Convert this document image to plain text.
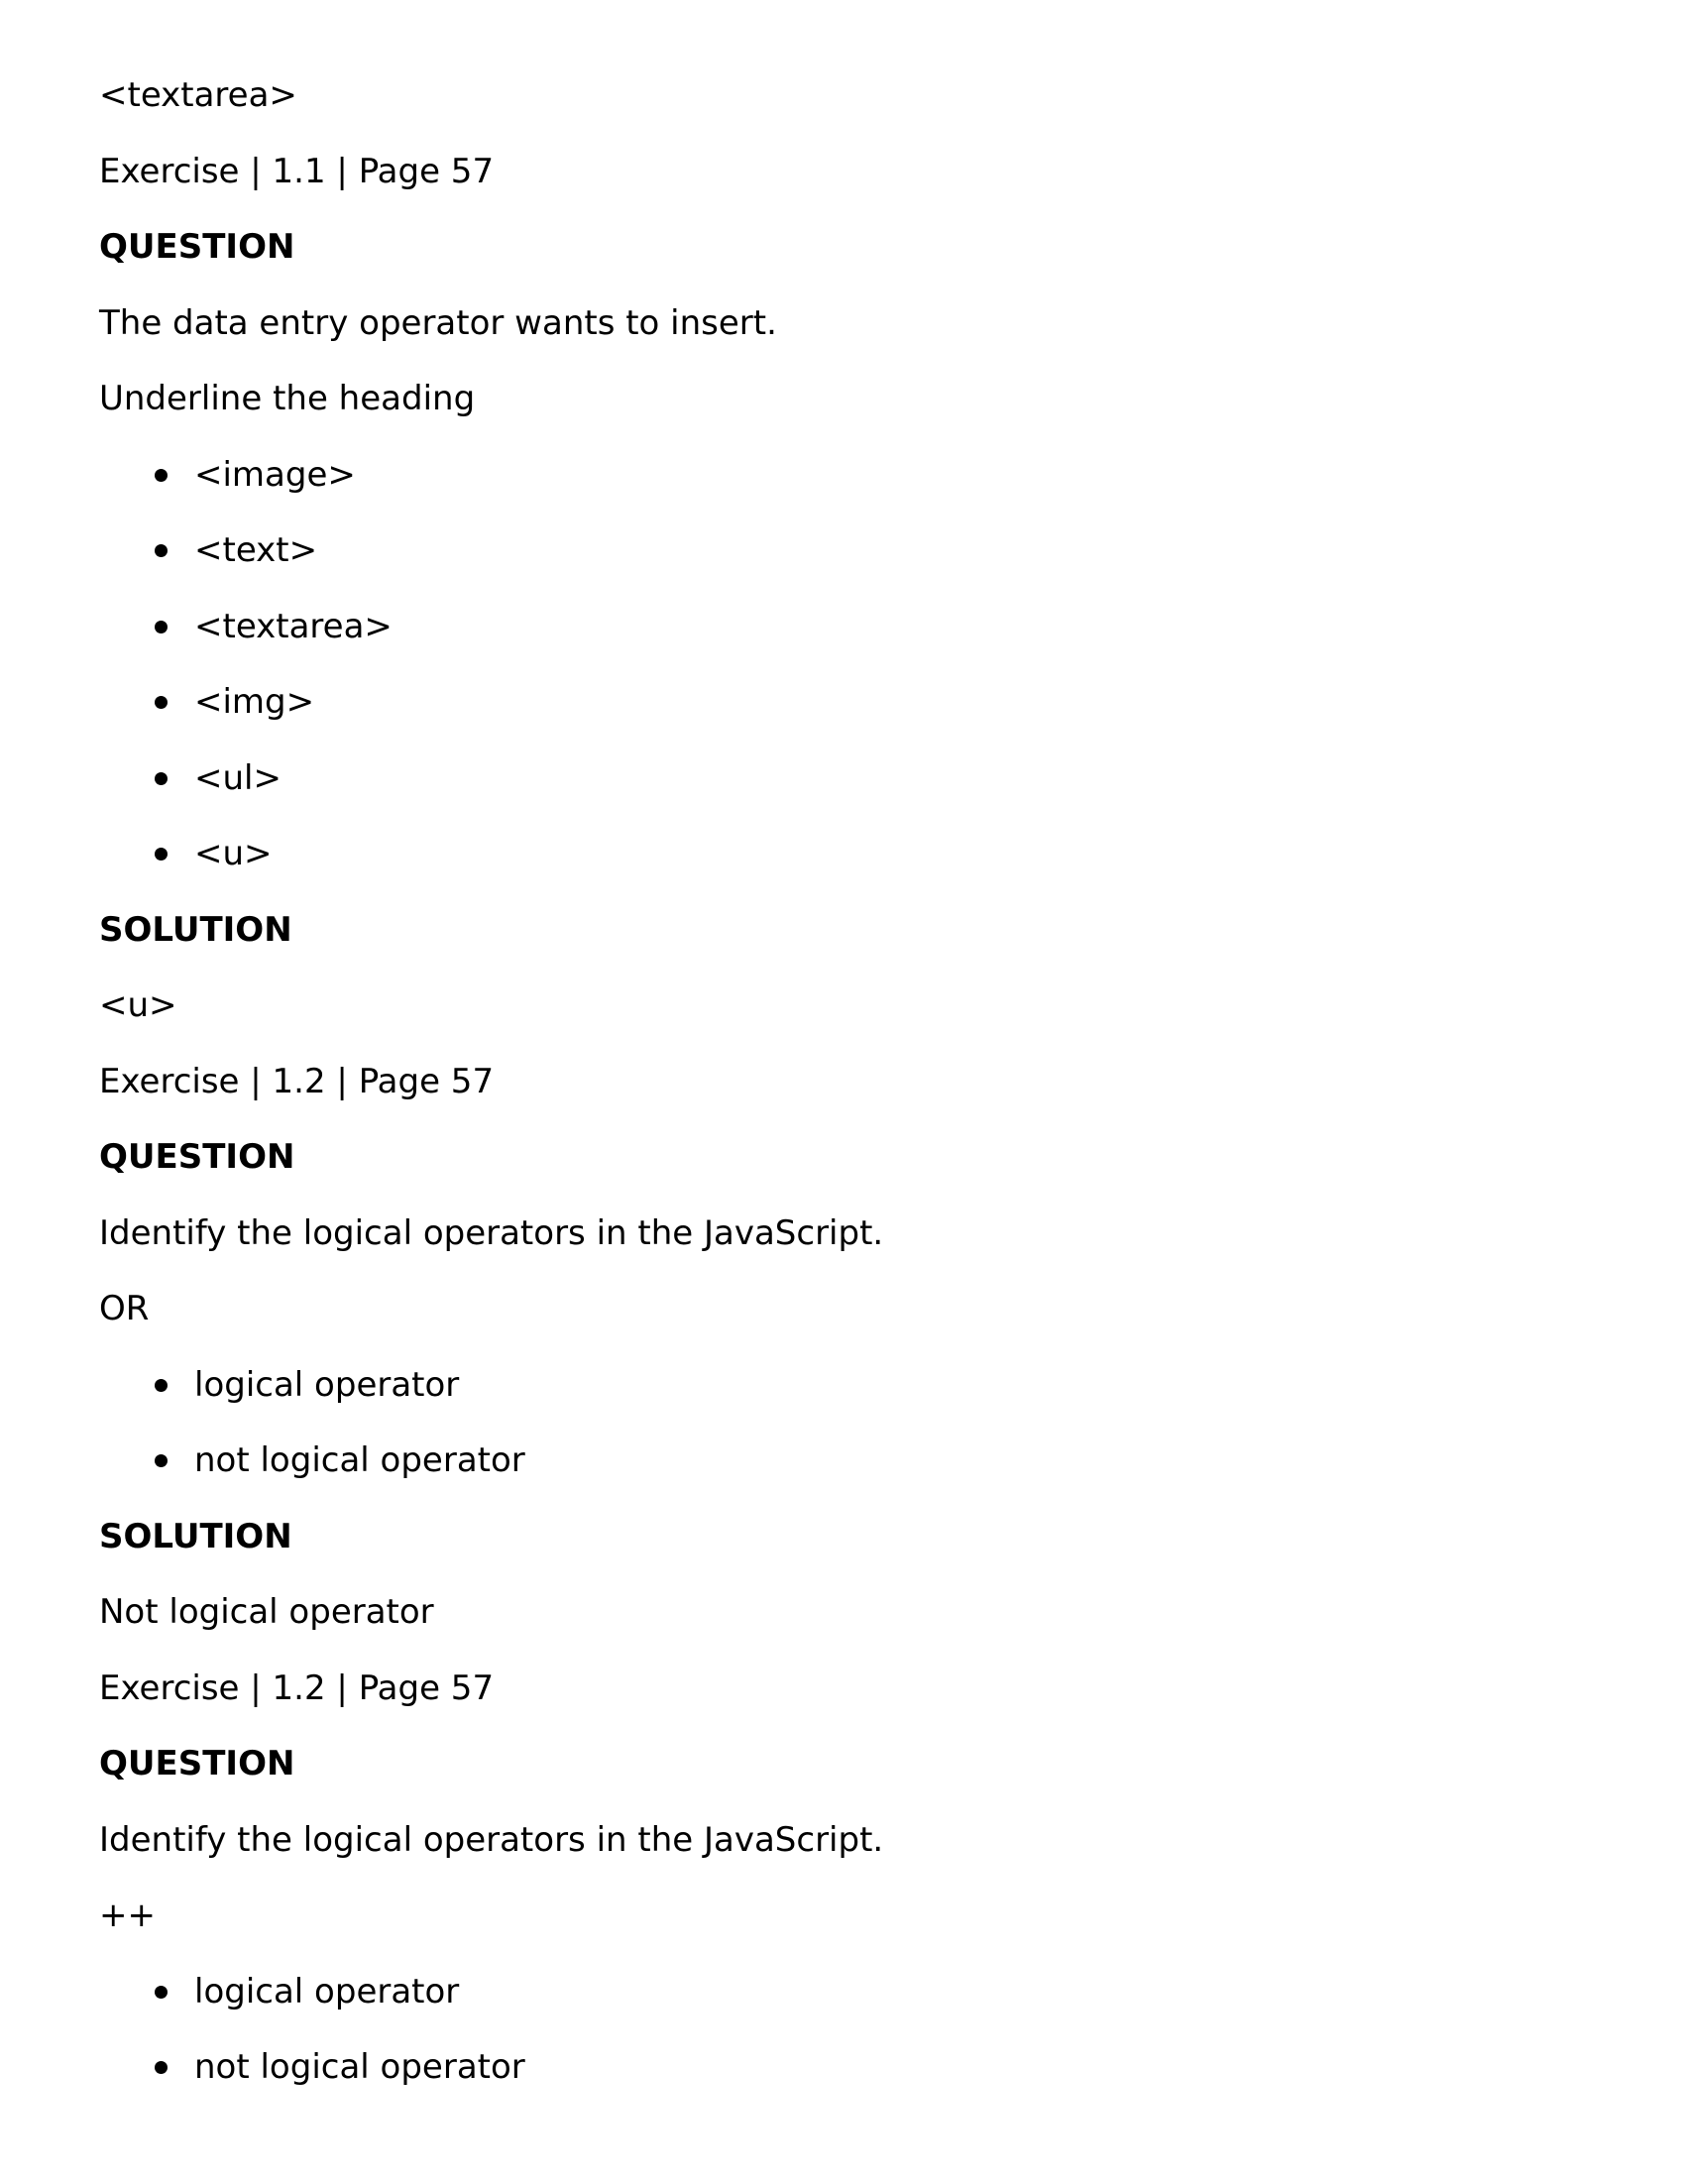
<textarea>
Exercise | 1.1 | Page 57
QUESTION
The data entry operator wants to insert.
Underline the heading
<image>
<text>
<textarea>
<img>
<ul>
<u>
SOLUTION
<u>
Exercise | 1.2 | Page 57
QUESTION
Identify the logical operators in the JavaScript.
OR
logical operator
not logical operator
SOLUTION
Not logical operator
Exercise | 1.2 | Page 57
QUESTION
Identify the logical operators in the JavaScript.
++
logical operator
not logical operator
